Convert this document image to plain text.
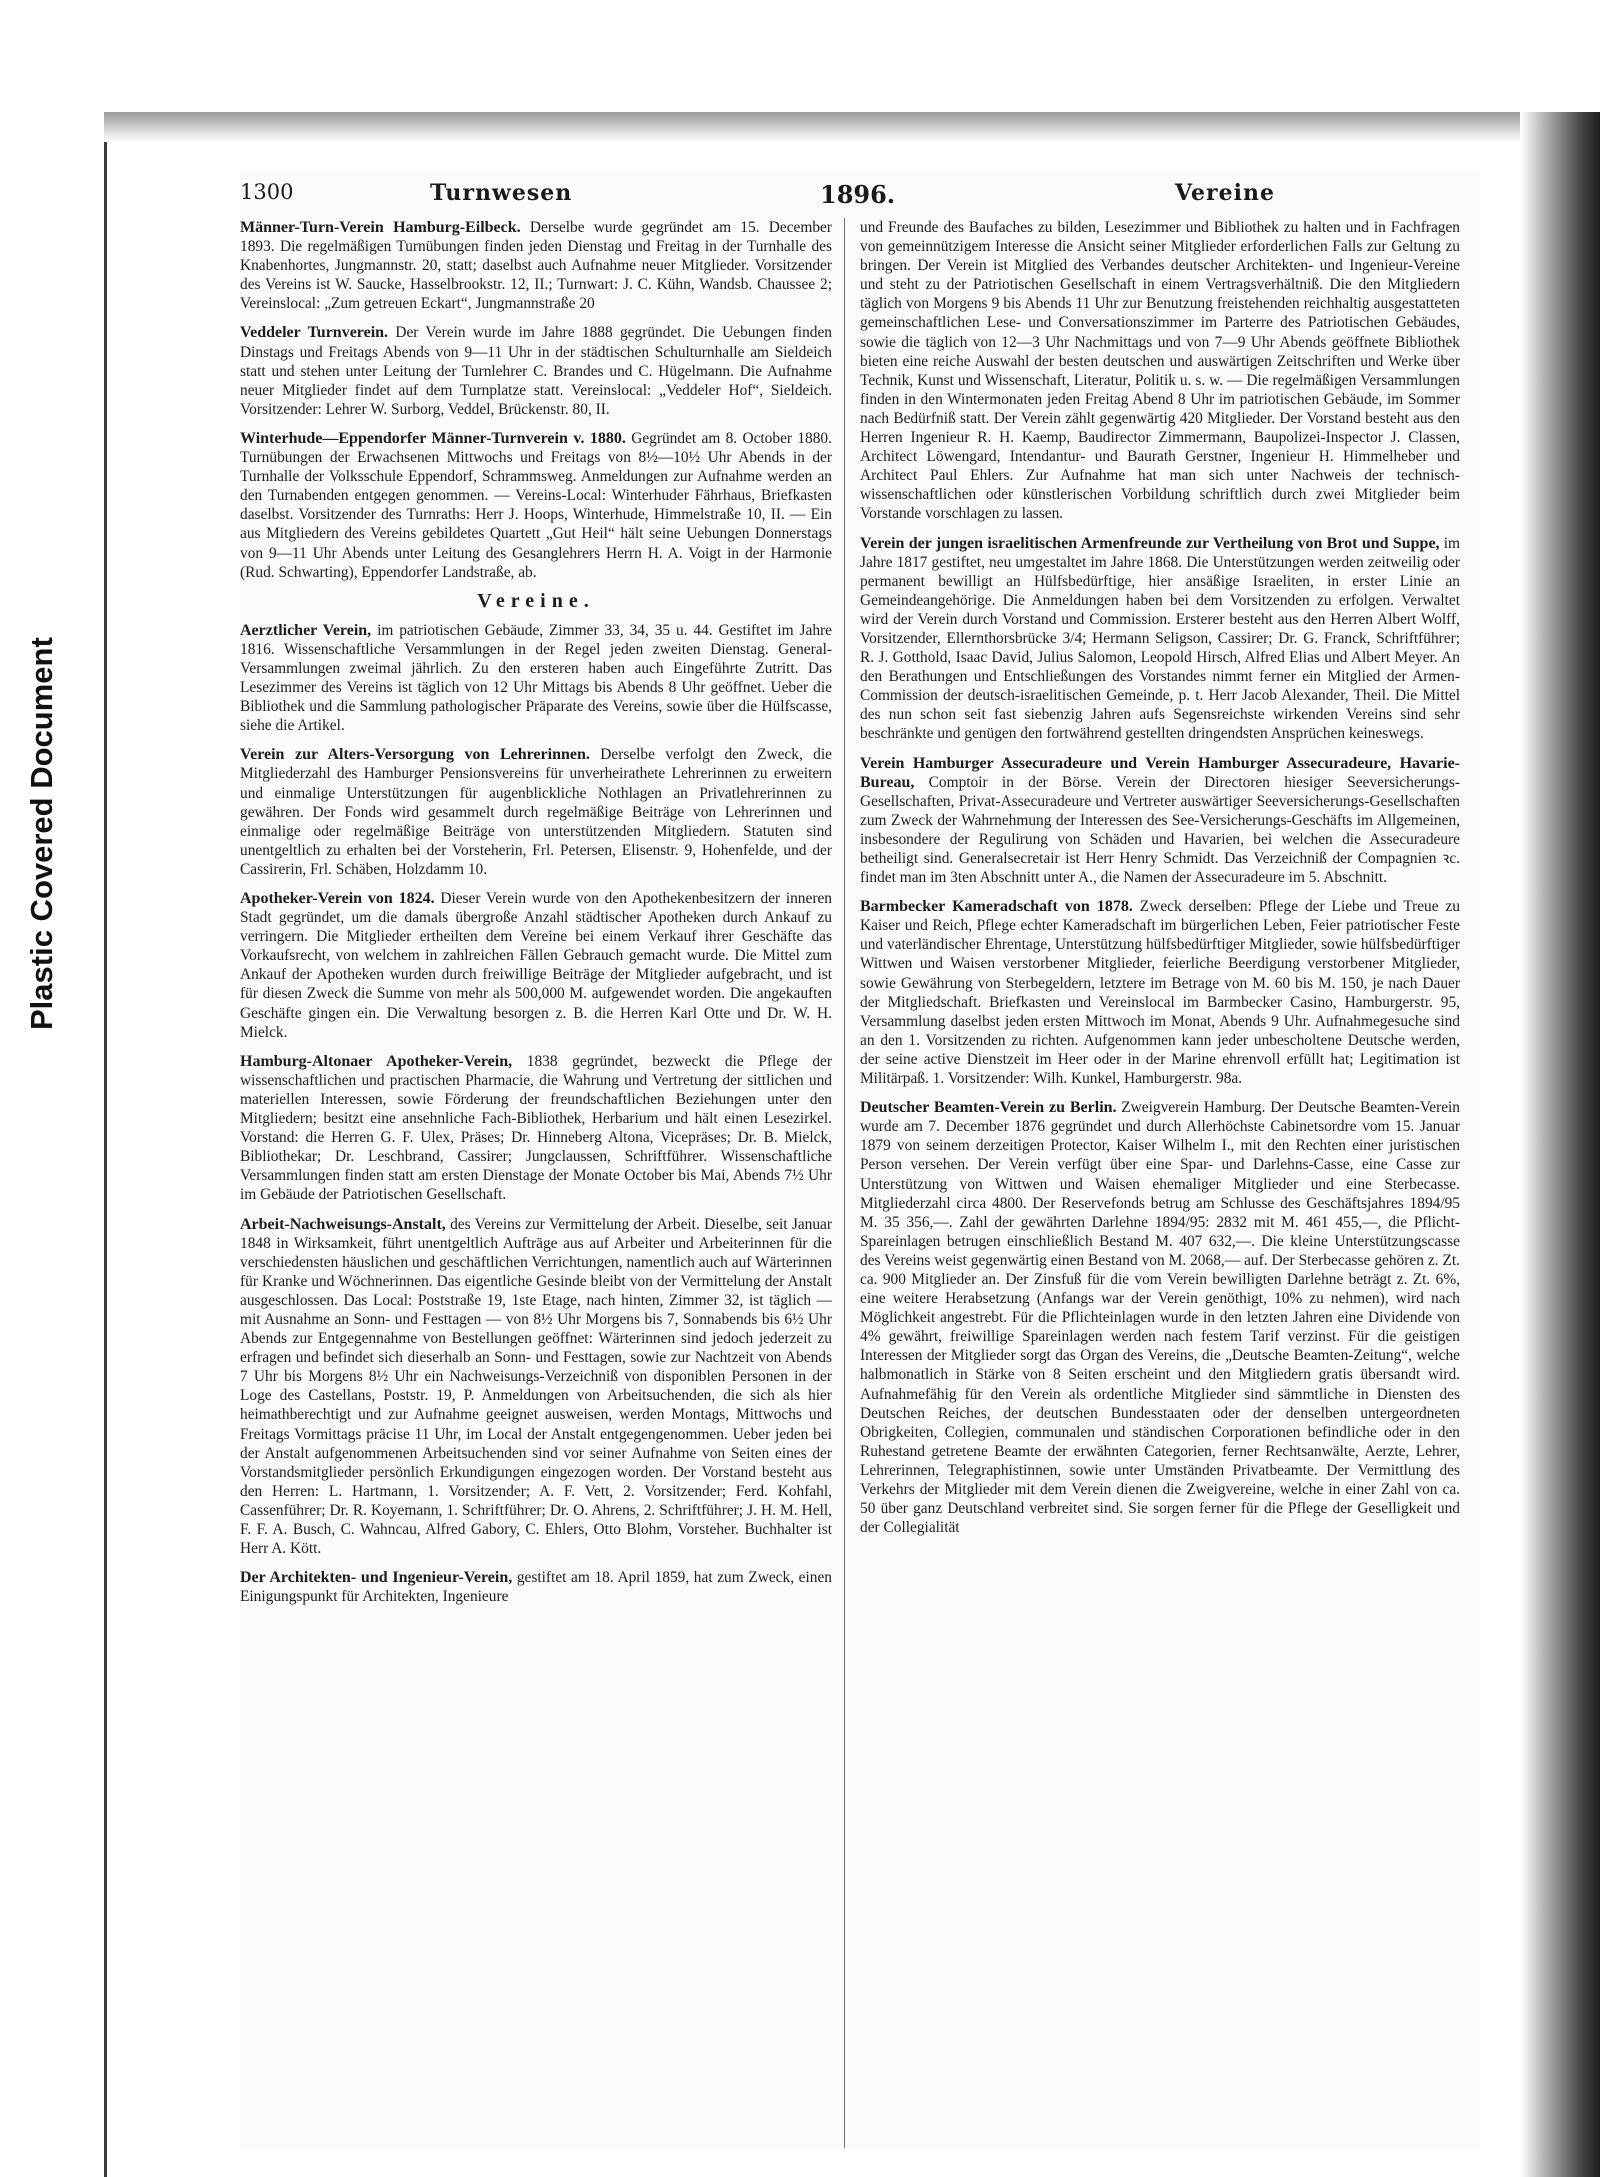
Plastic Covered Document
1300	Turnwesen	1896.	Vereine

Männer-Turn-Verein Hamburg-Eilbeck. Derselbe wurde gegründet am 15. December 1893. Die regelmäßigen Turnübungen finden jeden Dienstag und Freitag in der Turnhalle des Knabenhortes, Jungmannstr. 20, statt; daselbst auch Aufnahme neuer Mitglieder. Vorsitzender des Vereins ist W. Saucke, Hasselbrookstr. 12, II.; Turnwart: J. C. Kühn, Wandsb. Chaussee 2; Vereinslocal: „Zum getreuen Eckart“, Jungmannstraße 20

Veddeler Turnverein. Der Verein wurde im Jahre 1888 gegründet. Die Uebungen finden Dinstags und Freitags Abends von 9—11 Uhr in der städtischen Schulturnhalle am Sieldeich statt und stehen unter Leitung der Turnlehrer C. Brandes und C. Hügelmann. Die Aufnahme neuer Mitglieder findet auf dem Turnplatze statt. Vereinslocal: „Veddeler Hof“, Sieldeich. Vorsitzender: Lehrer W. Surborg, Veddel, Brückenstr. 80, II.

Winterhude—Eppendorfer Männer-Turnverein v. 1880. Gegründet am 8. October 1880. Turnübungen der Erwachsenen Mittwochs und Freitags von 8½—10½ Uhr Abends in der Turnhalle der Volksschule Eppendorf, Schrammsweg. Anmeldungen zur Aufnahme werden an den Turnabenden entgegen genommen. — Vereins-Local: Winterhuder Fährhaus, Briefkasten daselbst. Vorsitzender des Turnraths: Herr J. Hoops, Winterhude, Himmelstraße 10, II. — Ein aus Mitgliedern des Vereins gebildetes Quartett „Gut Heil“ hält seine Uebungen Donnerstags von 9—11 Uhr Abends unter Leitung des Gesanglehrers Herrn H. A. Voigt in der Harmonie (Rud. Schwarting), Eppendorfer Landstraße, ab.

Vereine.

Aerztlicher Verein, im patriotischen Gebäude, Zimmer 33, 34, 35 u. 44. Gestiftet im Jahre 1816. Wissenschaftliche Versammlungen in der Regel jeden zweiten Dienstag. General-Versammlungen zweimal jährlich. Zu den ersteren haben auch Eingeführte Zutritt. Das Lesezimmer des Vereins ist täglich von 12 Uhr Mittags bis Abends 8 Uhr geöffnet. Ueber die Bibliothek und die Sammlung pathologischer Präparate des Vereins, sowie über die Hülfscasse, siehe die Artikel.

Verein zur Alters-Versorgung von Lehrerinnen. Derselbe verfolgt den Zweck, die Mitgliederzahl des Hamburger Pensionsvereins für unverheirathete Lehrerinnen zu erweitern und einmalige Unterstützungen für augenblickliche Nothlagen an Privatlehrerinnen zu gewähren. Der Fonds wird gesammelt durch regelmäßige Beiträge von Lehrerinnen und einmalige oder regelmäßige Beiträge von unterstützenden Mitgliedern. Statuten sind unentgeltlich zu erhalten bei der Vorsteherin, Frl. Petersen, Elisenstr. 9, Hohenfelde, und der Cassirerin, Frl. Schäben, Holzdamm 10.

Apotheker-Verein von 1824. Dieser Verein wurde von den Apothekenbesitzern der inneren Stadt gegründet, um die damals übergroße Anzahl städtischer Apotheken durch Ankauf zu verringern. Die Mitglieder ertheilten dem Vereine bei einem Verkauf ihrer Geschäfte das Vorkaufsrecht, von welchem in zahlreichen Fällen Gebrauch gemacht wurde. Die Mittel zum Ankauf der Apotheken wurden durch freiwillige Beiträge der Mitglieder aufgebracht, und ist für diesen Zweck die Summe von mehr als 500,000 M. aufgewendet worden. Die angekauften Geschäfte gingen ein. Die Verwaltung besorgen z. B. die Herren Karl Otte und Dr. W. H. Mielck.

Hamburg-Altonaer Apotheker-Verein, 1838 gegründet, bezweckt die Pflege der wissenschaftlichen und practischen Pharmacie, die Wahrung und Vertretung der sittlichen und materiellen Interessen, sowie Förderung der freundschaftlichen Beziehungen unter den Mitgliedern; besitzt eine ansehnliche Fach-Bibliothek, Herbarium und hält einen Lesezirkel. Vorstand: die Herren G. F. Ulex, Präses; Dr. Hinneberg Altona, Vicepräses; Dr. B. Mielck, Bibliothekar; Dr. Leschbrand, Cassirer; Jungclaussen, Schriftführer. Wissenschaftliche Versammlungen finden statt am ersten Dienstage der Monate October bis Mai, Abends 7½ Uhr im Gebäude der Patriotischen Gesellschaft.

Arbeit-Nachweisungs-Anstalt, des Vereins zur Vermittelung der Arbeit. Dieselbe, seit Januar 1848 in Wirksamkeit, führt unentgeltlich Aufträge aus auf Arbeiter und Arbeiterinnen für die verschiedensten häuslichen und geschäftlichen Verrichtungen, namentlich auch auf Wärterinnen für Kranke und Wöchnerinnen. Das eigentliche Gesinde bleibt von der Vermittelung der Anstalt ausgeschlossen. Das Local: Poststraße 19, 1ste Etage, nach hinten, Zimmer 32, ist täglich — mit Ausnahme an Sonn- und Festtagen — von 8½ Uhr Morgens bis 7, Sonnabends bis 6½ Uhr Abends zur Entgegennahme von Bestellungen geöffnet: Wärterinnen sind jedoch jederzeit zu erfragen und befindet sich dieserhalb an Sonn- und Festtagen, sowie zur Nachtzeit von Abends 7 Uhr bis Morgens 8½ Uhr ein Nachweisungs-Verzeichniß von disponiblen Personen in der Loge des Castellans, Poststr. 19, P. Anmeldungen von Arbeitsuchenden, die sich als hier heimathberechtigt und zur Aufnahme geeignet ausweisen, werden Montags, Mittwochs und Freitags Vormittags präcise 11 Uhr, im Local der Anstalt entgegengenommen. Ueber jeden bei der Anstalt aufgenommenen Arbeitsuchenden sind vor seiner Aufnahme von Seiten eines der Vorstandsmitglieder persönlich Erkundigungen eingezogen worden. Der Vorstand besteht aus den Herren: L. Hartmann, 1. Vorsitzender; A. F. Vett, 2. Vorsitzender; Ferd. Kohfahl, Cassenführer; Dr. R. Koyemann, 1. Schriftführer; Dr. O. Ahrens, 2. Schriftführer; J. H. M. Hell, F. F. A. Busch, C. Wahncau, Alfred Gabory, C. Ehlers, Otto Blohm, Vorsteher. Buchhalter ist Herr A. Kött.

Der Architekten- und Ingenieur-Verein, gestiftet am 18. April 1859, hat zum Zweck, einen Einigungspunkt für Architekten, Ingenieure

und Freunde des Baufaches zu bilden, Lesezimmer und Bibliothek zu halten und in Fachfragen von gemeinnützigem Interesse die Ansicht seiner Mitglieder erforderlichen Falls zur Geltung zu bringen. Der Verein ist Mitglied des Verbandes deutscher Architekten- und Ingenieur-Vereine und steht zu der Patriotischen Gesellschaft in einem Vertragsverhältniß. Die den Mitgliedern täglich von Morgens 9 bis Abends 11 Uhr zur Benutzung freistehenden reichhaltig ausgestatteten gemeinschaftlichen Lese- und Conversationszimmer im Parterre des Patriotischen Gebäudes, sowie die täglich von 12—3 Uhr Nachmittags und von 7—9 Uhr Abends geöffnete Bibliothek bieten eine reiche Auswahl der besten deutschen und auswärtigen Zeitschriften und Werke über Technik, Kunst und Wissenschaft, Literatur, Politik u. s. w. — Die regelmäßigen Versammlungen finden in den Wintermonaten jeden Freitag Abend 8 Uhr im patriotischen Gebäude, im Sommer nach Bedürfniß statt. Der Verein zählt gegenwärtig 420 Mitglieder. Der Vorstand besteht aus den Herren Ingenieur R. H. Kaemp, Baudirector Zimmermann, Baupolizei-Inspector J. Classen, Architect Löwengard, Intendantur- und Baurath Gerstner, Ingenieur H. Himmelheber und Architect Paul Ehlers. Zur Aufnahme hat man sich unter Nachweis der technisch-wissenschaftlichen oder künstlerischen Vorbildung schriftlich durch zwei Mitglieder beim Vorstande vorschlagen zu lassen.

Verein der jungen israelitischen Armenfreunde zur Vertheilung von Brot und Suppe, im Jahre 1817 gestiftet, neu umgestaltet im Jahre 1868. Die Unterstützungen werden zeitweilig oder permanent bewilligt an Hülfsbedürftige, hier ansäßige Israeliten, in erster Linie an Gemeindeangehörige. Die Anmeldungen haben bei dem Vorsitzenden zu erfolgen. Verwaltet wird der Verein durch Vorstand und Commission. Ersterer besteht aus den Herren Albert Wolff, Vorsitzender, Ellernthorsbrücke 3/4; Hermann Seligson, Cassirer; Dr. G. Franck, Schriftführer; R. J. Gotthold, Isaac David, Julius Salomon, Leopold Hirsch, Alfred Elias und Albert Meyer. An den Berathungen und Entschließungen des Vorstandes nimmt ferner ein Mitglied der Armen-Commission der deutsch-israelitischen Gemeinde, p. t. Herr Jacob Alexander, Theil. Die Mittel des nun schon seit fast siebenzig Jahren aufs Segensreichste wirkenden Vereins sind sehr beschränkte und genügen den fortwährend gestellten dringendsten Ansprüchen keineswegs.

Verein Hamburger Assecuradeure und Verein Hamburger Assecuradeure, Havarie-Bureau, Comptoir in der Börse. Verein der Directoren hiesiger Seeversicherungs-Gesellschaften, Privat-Assecuradeure und Vertreter auswärtiger Seeversicherungs-Gesellschaften zum Zweck der Wahrnehmung der Interessen des See-Versicherungs-Geschäfts im Allgemeinen, insbesondere der Regulirung von Schäden und Havarien, bei welchen die Assecuradeure betheiligt sind. Generalsecretair ist Herr Henry Schmidt. Das Verzeichniß der Compagnien ꝛc. findet man im 3ten Abschnitt unter A., die Namen der Assecuradeure im 5. Abschnitt.

Barmbecker Kameradschaft von 1878. Zweck derselben: Pflege der Liebe und Treue zu Kaiser und Reich, Pflege echter Kameradschaft im bürgerlichen Leben, Feier patriotischer Feste und vaterländischer Ehrentage, Unterstützung hülfsbedürftiger Mitglieder, sowie hülfsbedürftiger Wittwen und Waisen verstorbener Mitglieder, feierliche Beerdigung verstorbener Mitglieder, sowie Gewährung von Sterbegeldern, letztere im Betrage von M. 60 bis M. 150, je nach Dauer der Mitgliedschaft. Briefkasten und Vereinslocal im Barmbecker Casino, Hamburgerstr. 95, Versammlung daselbst jeden ersten Mittwoch im Monat, Abends 9 Uhr. Aufnahmegesuche sind an den 1. Vorsitzenden zu richten. Aufgenommen kann jeder unbescholtene Deutsche werden, der seine active Dienstzeit im Heer oder in der Marine ehrenvoll erfüllt hat; Legitimation ist Militärpaß. 1. Vorsitzender: Wilh. Kunkel, Hamburgerstr. 98a.

Deutscher Beamten-Verein zu Berlin. Zweigverein Hamburg. Der Deutsche Beamten-Verein wurde am 7. December 1876 gegründet und durch Allerhöchste Cabinetsordre vom 15. Januar 1879 von seinem derzeitigen Protector, Kaiser Wilhelm I., mit den Rechten einer juristischen Person versehen. Der Verein verfügt über eine Spar- und Darlehns-Casse, eine Casse zur Unterstützung von Wittwen und Waisen ehemaliger Mitglieder und eine Sterbecasse. Mitgliederzahl circa 4800. Der Reservefonds betrug am Schlusse des Geschäftsjahres 1894/95 M. 35 356,—. Zahl der gewährten Darlehne 1894/95: 2832 mit M. 461 455,—, die Pflicht-Spareinlagen betrugen einschließlich Bestand M. 407 632,—. Die kleine Unterstützungscasse des Vereins weist gegenwärtig einen Bestand von M. 2068,— auf. Der Sterbecasse gehören z. Zt. ca. 900 Mitglieder an. Der Zinsfuß für die vom Verein bewilligten Darlehne beträgt z. Zt. 6%, eine weitere Herabsetzung (Anfangs war der Verein genöthigt, 10% zu nehmen), wird nach Möglichkeit angestrebt. Für die Pflichteinlagen wurde in den letzten Jahren eine Dividende von 4% gewährt, freiwillige Spareinlagen werden nach festem Tarif verzinst. Für die geistigen Interessen der Mitglieder sorgt das Organ des Vereins, die „Deutsche Beamten-Zeitung“, welche halbmonatlich in Stärke von 8 Seiten erscheint und den Mitgliedern gratis übersandt wird. Aufnahmefähig für den Verein als ordentliche Mitglieder sind sämmtliche in Diensten des Deutschen Reiches, der deutschen Bundesstaaten oder der denselben untergeordneten Obrigkeiten, Collegien, communalen und ständischen Corporationen befindliche oder in den Ruhestand getretene Beamte der erwähnten Categorien, ferner Rechtsanwälte, Aerzte, Lehrer, Lehrerinnen, Telegraphistinnen, sowie unter Umständen Privatbeamte. Der Vermittlung des Verkehrs der Mitglieder mit dem Verein dienen die Zweigvereine, welche in einer Zahl von ca. 50 über ganz Deutschland verbreitet sind. Sie sorgen ferner für die Pflege der Geselligkeit und der Collegialität
